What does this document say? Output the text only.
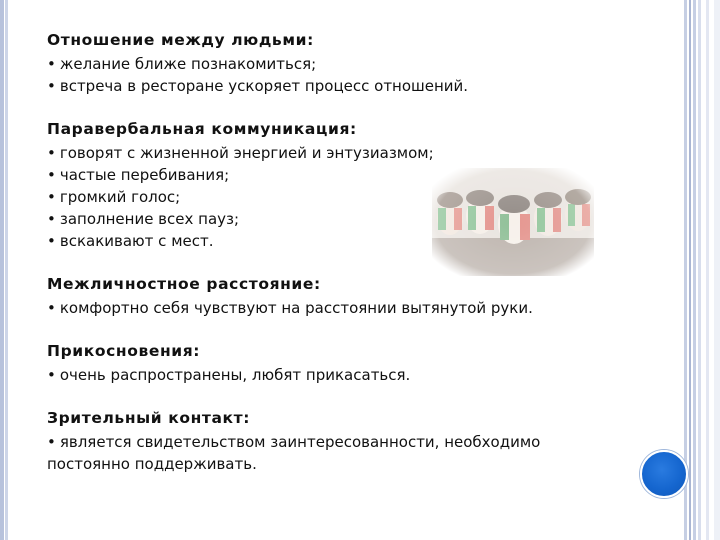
Отношение между людьми:

• желание ближе познакомиться;

• встреча в ресторане ускоряет процесс отношений.

Паравербальная коммуникация:

• говорят с жизненной энергией и энтузиазмом;

• частые перебивания;

• громкий голос;

• заполнение всех пауз;

• вскакивают с мест.

Межличностное расстояние:

• комфортно себя чувствуют на расстоянии вытянутой руки.

Прикосновения:

• очень распространены, любят прикасаться.

Зрительный контакт:

• является свидетельством заинтересованности, необходимо постоянно поддерживать.
